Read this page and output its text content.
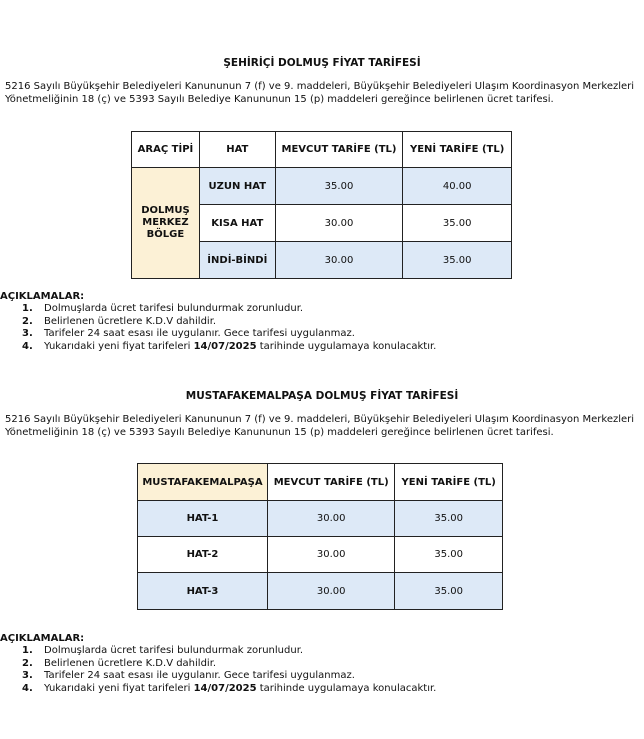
ŞEHİRİÇİ DOLMUŞ FİYAT TARİFESİ
5216 Sayılı Büyükşehir Belediyeleri Kanununun 7 (f) ve 9. maddeleri, Büyükşehir Belediyeleri Ulaşım Koordinasyon Merkezleri
Yönetmeliğinin 18 (ç) ve 5393 Sayılı Belediye Kanununun 15 (p) maddeleri gereğince belirlenen ücret tarifesi.
ARAÇ TİPİ	HAT	MEVCUT TARİFE (TL)	YENİ TARİFE (TL)

DOLMUŞ
MERKEZ
BÖLGE	UZUN HAT	35.00	40.00
	KISA HAT	30.00	35.00
	İNDİ-BİNDİ	30.00	35.00
AÇIKLAMALAR:
1. Dolmuşlarda ücret tarifesi bulundurmak zorunludur.
2. Belirlenen ücretlere K.D.V dahildir.
3. Tarifeler 24 saat esası ile uygulanır. Gece tarifesi uygulanmaz.
4. Yukarıdaki yeni fiyat tarifeleri 14/07/2025 tarihinde uygulamaya konulacaktır.
MUSTAFAKEMALPAŞA DOLMUŞ FİYAT TARİFESİ
5216 Sayılı Büyükşehir Belediyeleri Kanununun 7 (f) ve 9. maddeleri, Büyükşehir Belediyeleri Ulaşım Koordinasyon Merkezleri
Yönetmeliğinin 18 (ç) ve 5393 Sayılı Belediye Kanununun 15 (p) maddeleri gereğince belirlenen ücret tarifesi.
MUSTAFAKEMALPAŞA	MEVCUT TARİFE (TL)	YENİ TARİFE (TL)
HAT-1	30.00	35.00
HAT-2	30.00	35.00
HAT-3	30.00	35.00
AÇIKLAMALAR:
1. Dolmuşlarda ücret tarifesi bulundurmak zorunludur.
2. Belirlenen ücretlere K.D.V dahildir.
3. Tarifeler 24 saat esası ile uygulanır. Gece tarifesi uygulanmaz.
4. Yukarıdaki yeni fiyat tarifeleri 14/07/2025 tarihinde uygulamaya konulacaktır.
